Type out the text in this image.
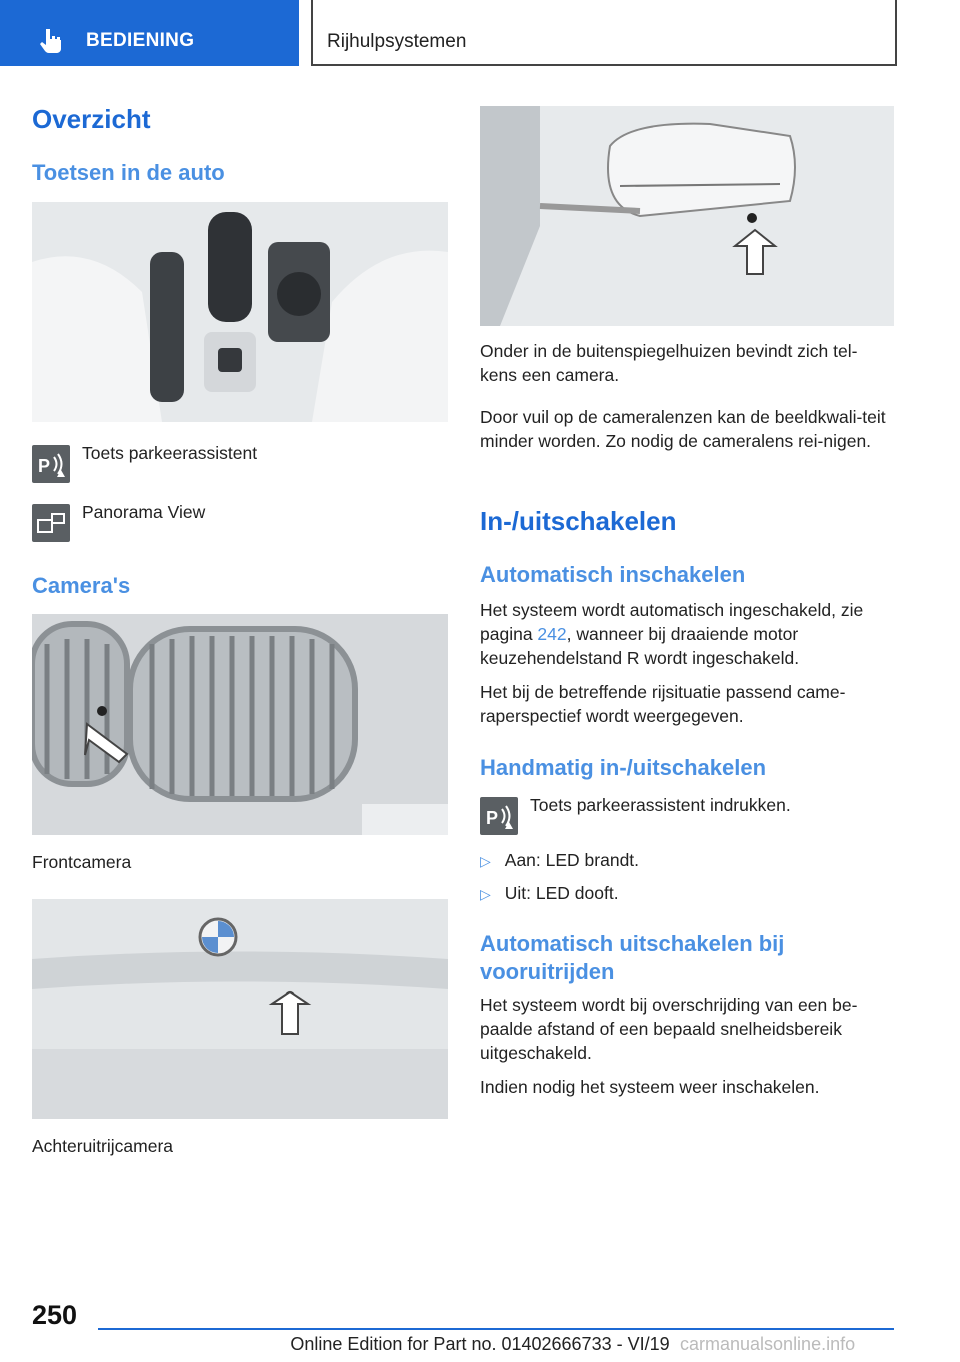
BEDIENING	Rijhulpsystemen
Overzicht
Toetsen in de auto
P
Toets parkeerassistent
Panorama View
Camera's
Frontcamera
Achteruitrijcamera
Onder in de buitenspiegelhuizen bevindt zich tel-kens een camera.
Door vuil op de cameralenzen kan de beeldkwali-teit minder worden. Zo nodig de cameralens rei-nigen.
In-/uitschakelen
Automatisch inschakelen
Het systeem wordt automatisch ingeschakeld, zie pagina 242, wanneer bij draaiende motor keuzehendelstand R wordt ingeschakeld.
Het bij de betreffende rijsituatie passend came-raperspectief wordt weergegeven.
Handmatig in-/uitschakelen
P
Toets parkeerassistent indrukken.
▷ Aan: LED brandt.
▷ Uit: LED dooft.
Automatisch uitschakelen bij vooruitrijden
Het systeem wordt bij overschrijding van een be-paalde afstand of een bepaald snelheidsbereik uitgeschakeld.
Indien nodig het systeem weer inschakelen.
250
Online Edition for Part no. 01402666733 - VI/19 carmanualsonline.info
